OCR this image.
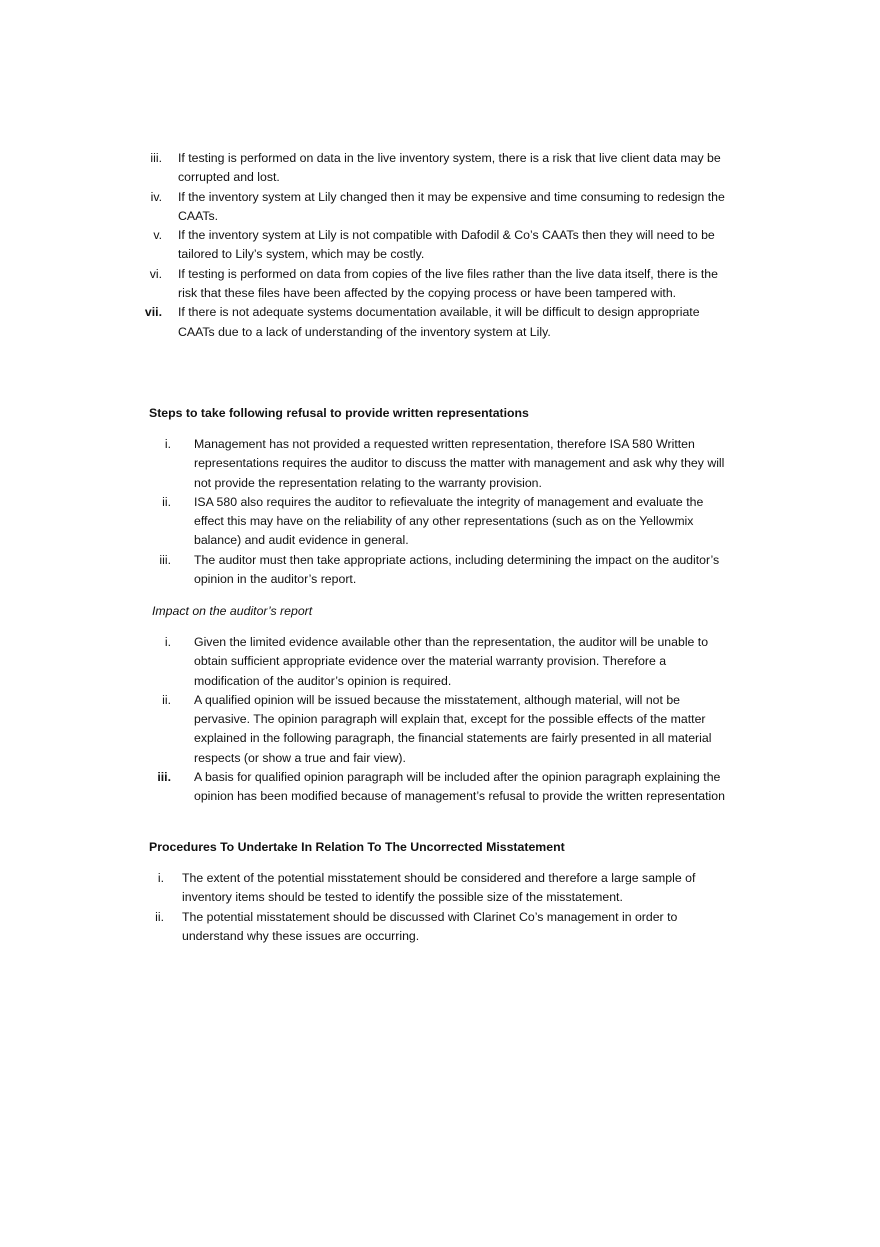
iii. If testing is performed on data in the live inventory system, there is a risk that live client data may be corrupted and lost.
iv. If the inventory system at Lily changed then it may be expensive and time consuming to redesign the CAATs.
v. If the inventory system at Lily is not compatible with Dafodil & Co’s CAATs then they will need to be tailored to Lily’s system, which may be costly.
vi. If testing is performed on data from copies of the live files rather than the live data itself, there is the risk that these files have been affected by the copying process or have been tampered with.
vii. If there is not adequate systems documentation available, it will be difﬁcult to design appropriate CAATs due to a lack of understanding of the inventory system at Lily.
Steps to take following refusal to provide written representations
i. Management has not provided a requested written representation, therefore ISA 580 Written representations requires the auditor to discuss the matter with management and ask why they will not provide the representation relating to the warranty provision.
ii. ISA 580 also requires the auditor to reﬁevaluate the integrity of management and evaluate the effect this may have on the reliability of any other representations (such as on the Yellowmix balance) and audit evidence in general.
iii. The auditor must then take appropriate actions, including determining the impact on the auditor’s opinion in the auditor’s report.
Impact on the auditor’s report
i. Given the limited evidence available other than the representation, the auditor will be unable to obtain sufﬁcient appropriate evidence over the material warranty provision. Therefore a modification of the auditor’s opinion is required.
ii. A qualified opinion will be issued because the misstatement, although material, will not be pervasive. The opinion paragraph will explain that, except for the possible effects of the matter explained in the following paragraph, the financial statements are fairly presented in all material respects (or show a true and fair view).
iii. A basis for qualified opinion paragraph will be included after the opinion paragraph explaining the opinion has been modified because of management’s refusal to provide the written representation
Procedures To Undertake In Relation To The Uncorrected Misstatement
i. The extent of the potential misstatement should be considered and therefore a large sample of inventory items should be tested to identify the possible size of the misstatement.
ii. The potential misstatement should be discussed with Clarinet Co’s management in order to understand why these issues are occurring.
